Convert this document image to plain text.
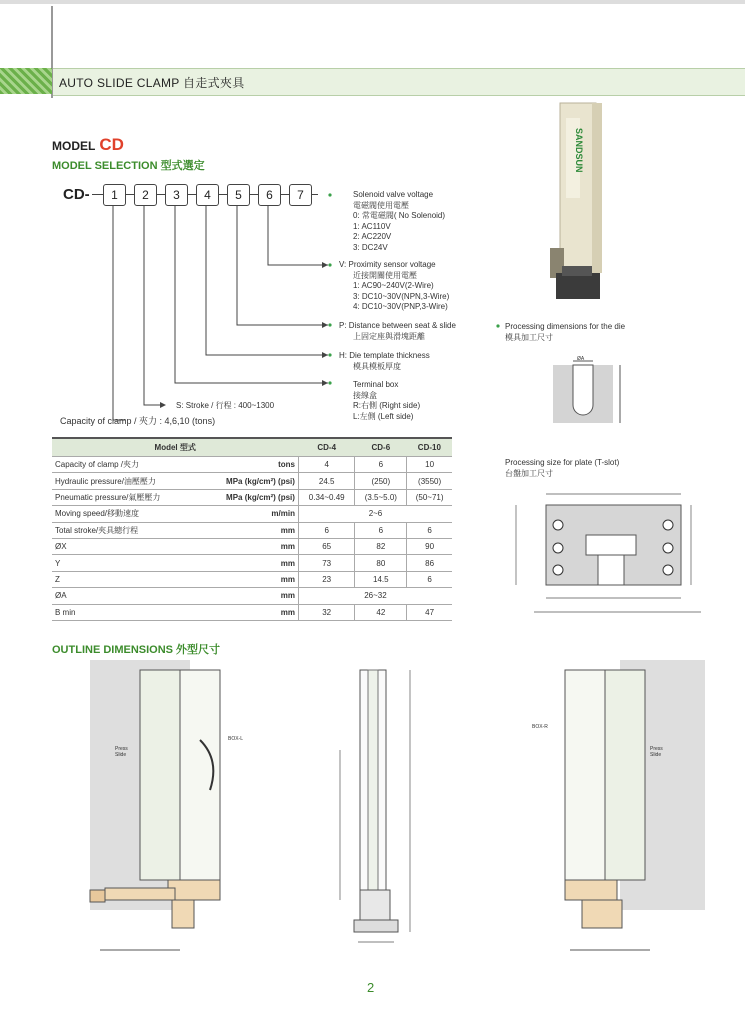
AUTO SLIDE CLAMP 自走式夾具
MODEL CD
MODEL SELECTION 型式選定
CD-	1	2	3	4	5	6	7	Solenoid valve voltage
電磁閥使用電壓
0: 常電磁閥( No Solenoid)
1: AC110V
2: AC220V
3: DC24V
V: Proximity sensor voltage
近接開關使用電壓
1: AC90~240V(2-Wire)
3: DC10~30V(NPN,3-Wire)
4: DC10~30V(PNP,3-Wire)
P: Distance between seat & slide
上固定座與滑塊距離
H: Die template thickness
模具模板厚度
Terminal box
接線盒
R:右側 (Right side)
L:左側 (Left side)
S: Stroke / 行程 : 400~1300
Capacity of clamp / 夾力 : 4,6,10 (tons)
SANDSUN
Processing dimensions for the die
模具加工尺寸
ØA
Processing size for plate (T-slot)
台盤加工尺寸
Model 型式		CD-4	CD-6	CD-10
Capacity of clamp /夾力	tons	4	6	10
Hydraulic pressure/油壓壓力	MPa (kg/cm²) (psi)	24.5	(250)	(3550)
Pneumatic pressure/氣壓壓力	MPa (kg/cm²) (psi)	0.34~0.49	(3.5~5.0)	(50~71)
Moving speed/移動速度	m/min	2~6		
Total stroke/夾具總行程	mm	6	6	6
ØX	mm	65	82	90
Y	mm	73	80	86
Z	mm	23	14.5	6
ØA	mm	26~32		
B min	mm	32	42	47
OUTLINE DIMENSIONS 外型尺寸
Press
Slide
BOX-L
Press
Slide
BOX-R
2
